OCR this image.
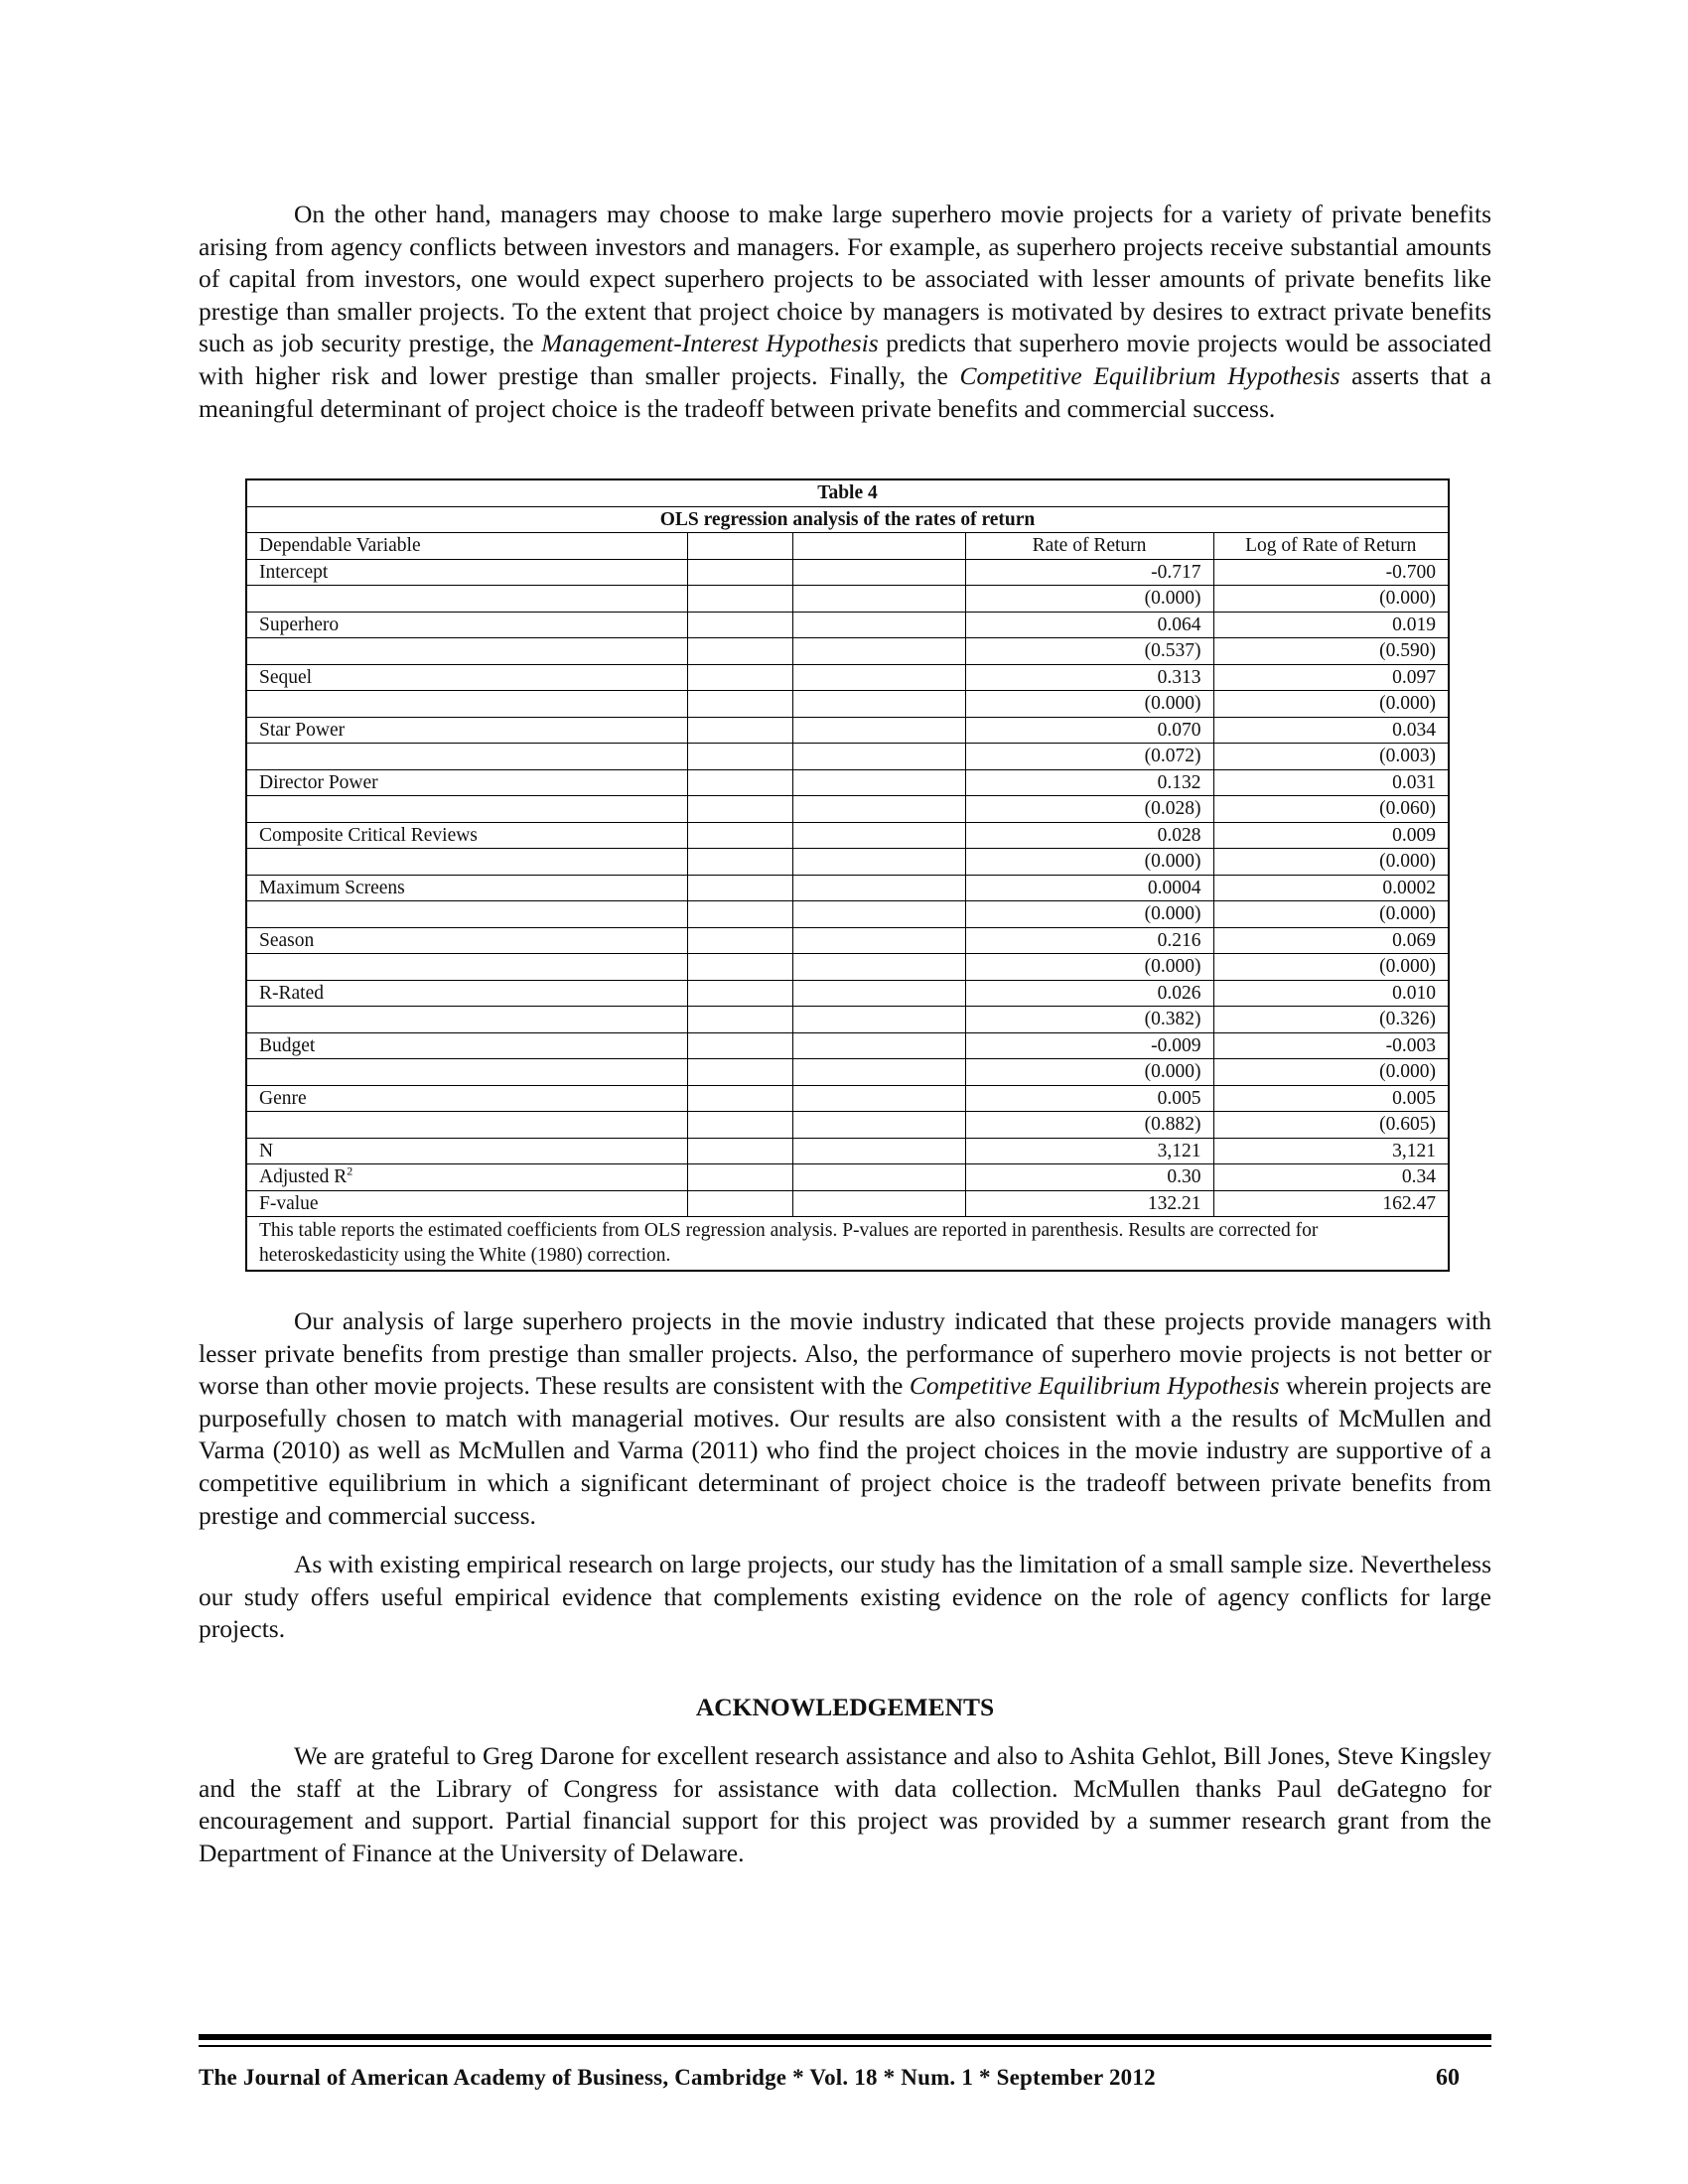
On the other hand, managers may choose to make large superhero movie projects for a variety of private benefits arising from agency conflicts between investors and managers. For example, as superhero projects receive substantial amounts of capital from investors, one would expect superhero projects to be associated with lesser amounts of private benefits like prestige than smaller projects. To the extent that project choice by managers is motivated by desires to extract private benefits such as job security prestige, the Management-Interest Hypothesis predicts that superhero movie projects would be associated with higher risk and lower prestige than smaller projects. Finally, the Competitive Equilibrium Hypothesis asserts that a meaningful determinant of project choice is the tradeoff between private benefits and commercial success.

Table 4				
OLS regression analysis of the rates of return				
Dependable Variable			Rate of Return	Log of Rate of Return
Intercept			-0.717	-0.700
			(0.000)	(0.000)
Superhero			0.064	0.019
			(0.537)	(0.590)
Sequel			0.313	0.097
			(0.000)	(0.000)
Star Power			0.070	0.034
			(0.072)	(0.003)
Director Power			0.132	0.031
			(0.028)	(0.060)
Composite Critical Reviews			0.028	0.009
			(0.000)	(0.000)
Maximum Screens			0.0004	0.0002
			(0.000)	(0.000)
Season			0.216	0.069
			(0.000)	(0.000)
R-Rated			0.026	0.010
			(0.382)	(0.326)
Budget			-0.009	-0.003
			(0.000)	(0.000)
Genre			0.005	0.005
			(0.882)	(0.605)
N			3,121	3,121
Adjusted $R^2$			0.30	0.34
F-value			132.21	162.47
This table reports the estimated coefficients from OLS regression analysis. P-values are reported in parenthesis. Results are corrected for heteroskedasticity using the White (1980) correction.				

Our analysis of large superhero projects in the movie industry indicated that these projects provide managers with lesser private benefits from prestige than smaller projects. Also, the performance of superhero movie projects is not better or worse than other movie projects. These results are consistent with the Competitive Equilibrium Hypothesis wherein projects are purposefully chosen to match with managerial motives. Our results are also consistent with a the results of McMullen and Varma (2010) as well as McMullen and Varma (2011) who find the project choices in the movie industry are supportive of a competitive equilibrium in which a significant determinant of project choice is the tradeoff between private benefits from prestige and commercial success.

As with existing empirical research on large projects, our study has the limitation of a small sample size. Nevertheless our study offers useful empirical evidence that complements existing evidence on the role of agency conflicts for large projects.

ACKNOWLEDGEMENTS

We are grateful to Greg Darone for excellent research assistance and also to Ashita Gehlot, Bill Jones, Steve Kingsley and the staff at the Library of Congress for assistance with data collection. McMullen thanks Paul deGategno for encouragement and support. Partial financial support for this project was provided by a summer research grant from the Department of Finance at the University of Delaware.

The Journal of American Academy of Business, Cambridge * Vol. 18 * Num. 1 * September 2012	60
